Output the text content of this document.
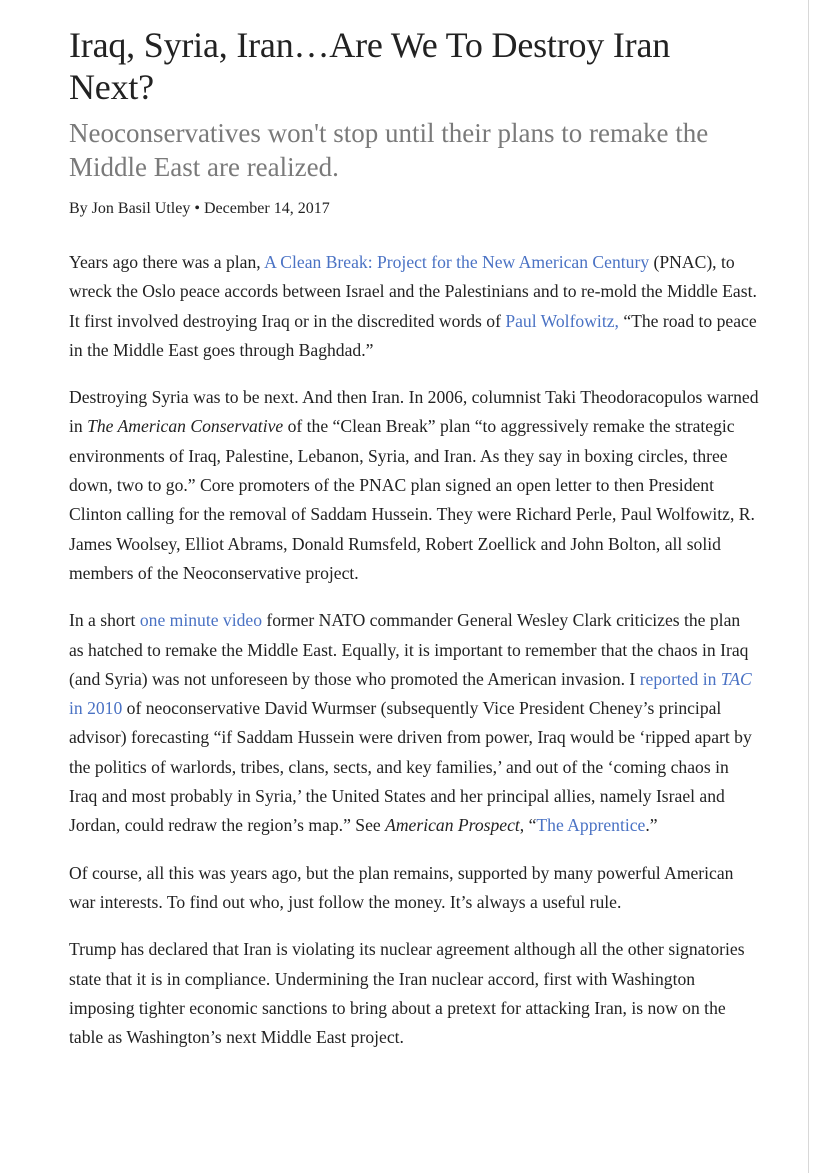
Iraq, Syria, Iran…Are We To Destroy Iran Next?
Neoconservatives won't stop until their plans to remake the Middle East are realized.
By Jon Basil Utley • December 14, 2017

Years ago there was a plan, A Clean Break: Project for the New American Century (PNAC), to wreck the Oslo peace accords between Israel and the Palestinians and to re-mold the Middle East. It first involved destroying Iraq or in the discredited words of Paul Wolfowitz, “The road to peace in the Middle East goes through Baghdad.”

Destroying Syria was to be next. And then Iran. In 2006, columnist Taki Theodoracopulos warned in The American Conservative of the “Clean Break” plan “to aggressively remake the strategic environments of Iraq, Palestine, Lebanon, Syria, and Iran. As they say in boxing circles, three down, two to go.” Core promoters of the PNAC plan signed an open letter to then President Clinton calling for the removal of Saddam Hussein. They were Richard Perle, Paul Wolfowitz, R. James Woolsey, Elliot Abrams, Donald Rumsfeld, Robert Zoellick and John Bolton, all solid members of the Neoconservative project.

In a short one minute video former NATO commander General Wesley Clark criticizes the plan as hatched to remake the Middle East. Equally, it is important to remember that the chaos in Iraq (and Syria) was not unforeseen by those who promoted the American invasion. I reported in TAC in 2010 of neoconservative David Wurmser (subsequently Vice President Cheney’s principal advisor) forecasting “if Saddam Hussein were driven from power, Iraq would be ‘ripped apart by the politics of warlords, tribes, clans, sects, and key families,’ and out of the ‘coming chaos in Iraq and most probably in Syria,’ the United States and her principal allies, namely Israel and Jordan, could redraw the region’s map.” See American Prospect, “The Apprentice.”

Of course, all this was years ago, but the plan remains, supported by many powerful American war interests. To find out who, just follow the money. It’s always a useful rule.

Trump has declared that Iran is violating its nuclear agreement although all the other signatories state that it is in compliance. Undermining the Iran nuclear accord, first with Washington imposing tighter economic sanctions to bring about a pretext for attacking Iran, is now on the table as Washington’s next Middle East project.
